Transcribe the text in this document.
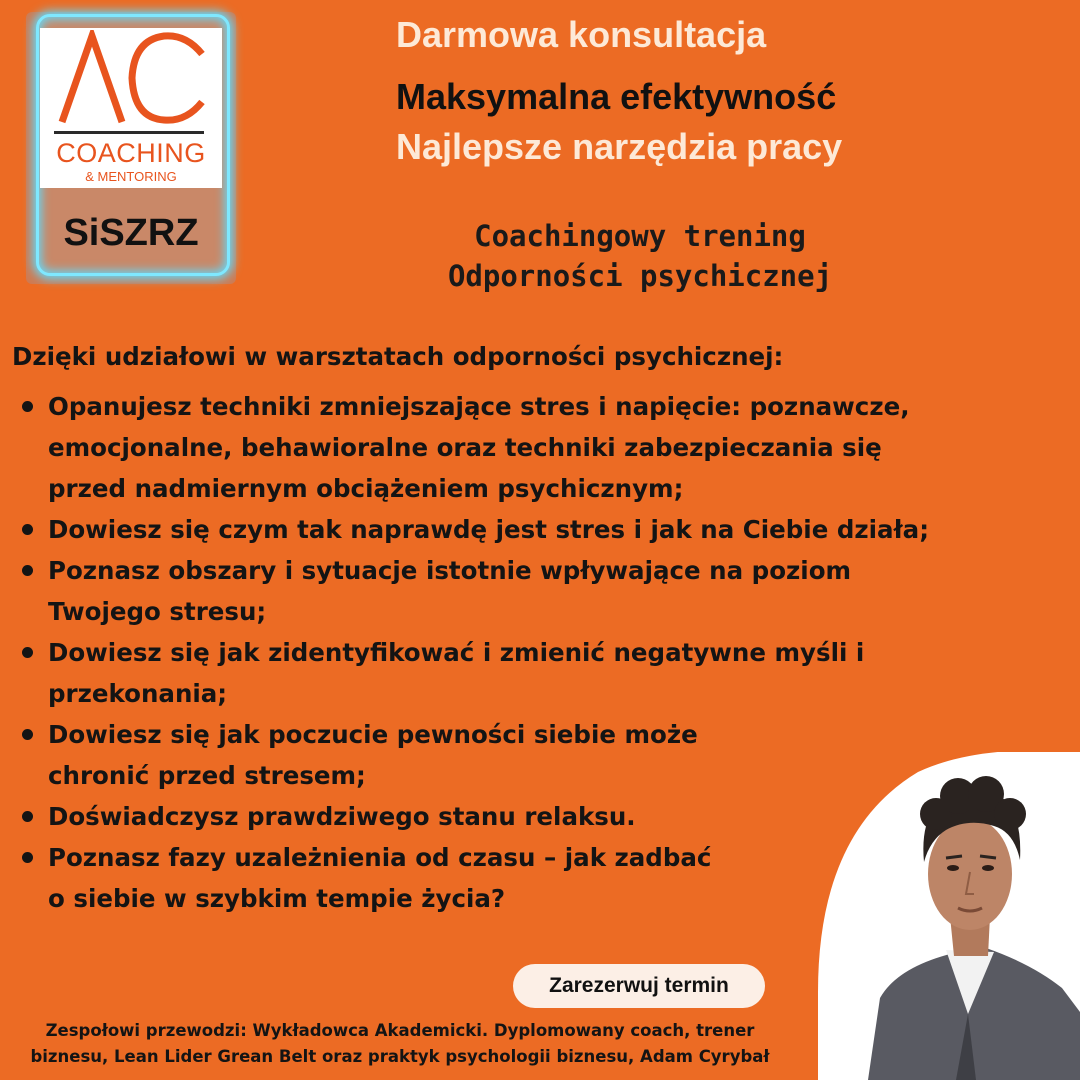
COACHING
& MENTORING
SiSZRZ
Darmowa konsultacja
Maksymalna efektywność
Najlepsze narzędzia pracy
Coachingowy trening
Odporności psychicznej
Dzięki udziałowi w warsztatach odporności psychicznej:
Opanujesz techniki zmniejszające stres i napięcie: poznawcze,
emocjonalne, behawioralne oraz techniki zabezpieczania się
przed nadmiernym obciążeniem psychicznym;
Dowiesz się czym tak naprawdę jest stres i jak na Ciebie działa;
Poznasz obszary i sytuacje istotnie wpływające na poziom
Twojego stresu;
Dowiesz się jak zidentyfikować i zmienić negatywne myśli i
przekonania;
Dowiesz się jak poczucie pewności siebie może
chronić przed stresem;
Doświadczysz prawdziwego stanu relaksu.
Poznasz fazy uzależnienia od czasu – jak zadbać
o siebie w szybkim tempie życia?
Zarezerwuj termin
Zespołowi przewodzi: Wykładowca Akademicki. Dyplomowany coach, trener
biznesu, Lean Lider Grean Belt oraz praktyk psychologii biznesu, Adam Cyrybał
